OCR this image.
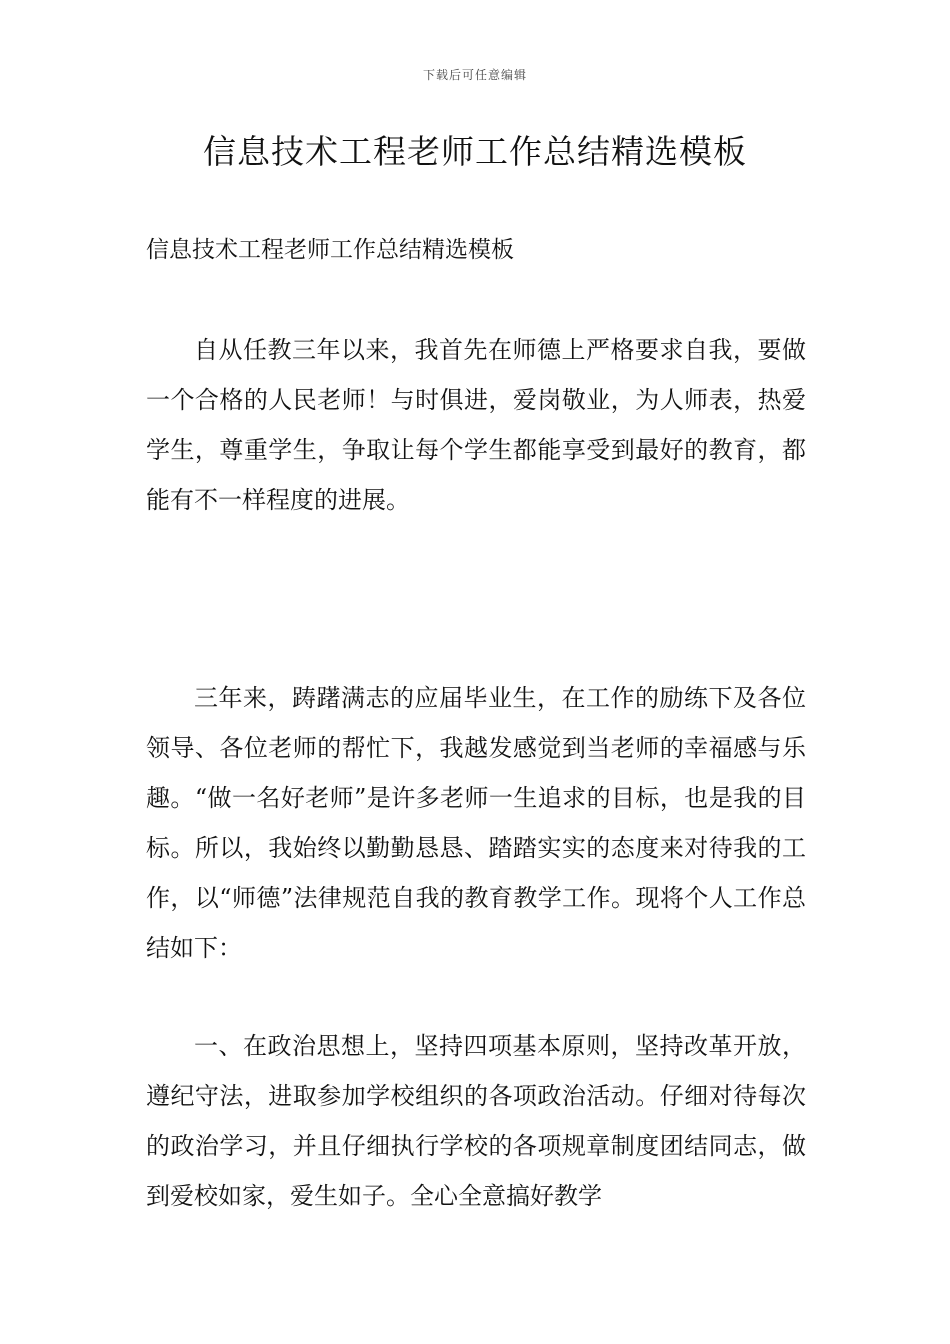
下载后可任意编辑
信息技术工程老师工作总结精选模板

信息技术工程老师工作总结精选模板

自从任教三年以来，我首先在师德上严格要求自我，要做一个合格的人民老师！与时俱进，爱岗敬业，为人师表，热爱学生，尊重学生，争取让每个学生都能享受到最好的教育，都能有不一样程度的进展。

三年来，踌躇满志的应届毕业生，在工作的励练下及各位领导、各位老师的帮忙下，我越发感觉到当老师的幸福感与乐趣。“做一名好老师”是许多老师一生追求的目标，也是我的目标。所以，我始终以勤勤恳恳、踏踏实实的态度来对待我的工作，以“师德”法律规范自我的教育教学工作。现将个人工作总结如下：

一、在政治思想上，坚持四项基本原则，坚持改革开放，遵纪守法，进取参加学校组织的各项政治活动。仔细对待每次的政治学习，并且仔细执行学校的各项规章制度团结同志，做到爱校如家，爱生如子。全心全意搞好教学
